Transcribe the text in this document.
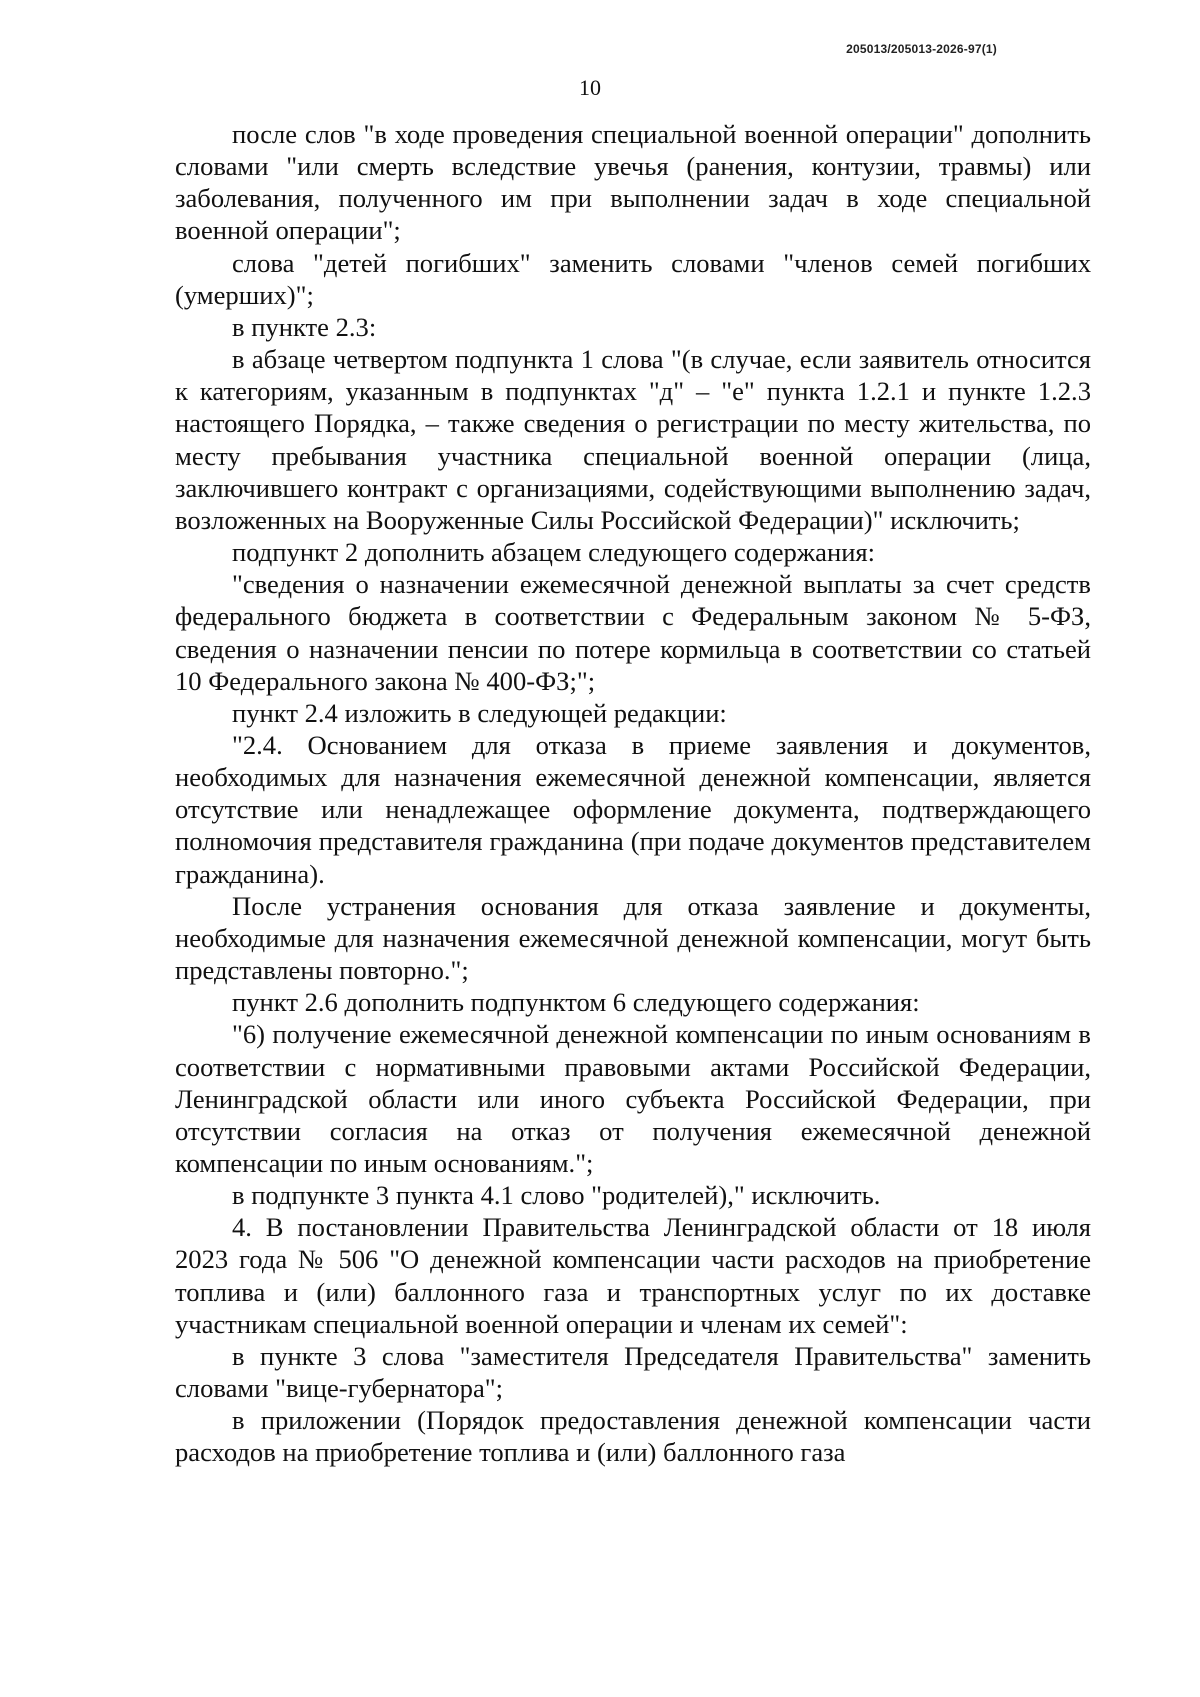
205013/205013-2026-97(1)
10

после слов "в ходе проведения специальной военной операции" дополнить словами "или смерть вследствие увечья (ранения, контузии, травмы) или заболевания, полученного им при выполнении задач в ходе специальной военной операции";

слова "детей погибших" заменить словами "членов семей погибших (умерших)";

в пункте 2.3:

в абзаце четвертом подпункта 1 слова "(в случае, если заявитель относится к категориям, указанным в подпунктах "д" – "е" пункта 1.2.1 и пункте 1.2.3 настоящего Порядка, – также сведения о регистрации по месту жительства, по месту пребывания участника специальной военной операции (лица, заключившего контракт с организациями, содействующими выполнению задач, возложенных на Вооруженные Силы Российской Федерации)" исключить;

подпункт 2 дополнить абзацем следующего содержания:

"сведения о назначении ежемесячной денежной выплаты за счет средств федерального бюджета в соответствии с Федеральным законом № 5-ФЗ, сведения о назначении пенсии по потере кормильца в соответствии со статьей 10 Федерального закона № 400-ФЗ;";

пункт 2.4 изложить в следующей редакции:

"2.4. Основанием для отказа в приеме заявления и документов, необходимых для назначения ежемесячной денежной компенсации, является отсутствие или ненадлежащее оформление документа, подтверждающего полномочия представителя гражданина (при подаче документов представителем гражданина).

После устранения основания для отказа заявление и документы, необходимые для назначения ежемесячной денежной компенсации, могут быть представлены повторно.";

пункт 2.6 дополнить подпунктом 6 следующего содержания:

"6) получение ежемесячной денежной компенсации по иным основаниям в соответствии с нормативными правовыми актами Российской Федерации, Ленинградской области или иного субъекта Российской Федерации, при отсутствии согласия на отказ от получения ежемесячной денежной компенсации по иным основаниям.";

в подпункте 3 пункта 4.1 слово "родителей)," исключить.

4. В постановлении Правительства Ленинградской области от 18 июля 2023 года № 506 "О денежной компенсации части расходов на приобретение топлива и (или) баллонного газа и транспортных услуг по их доставке участникам специальной военной операции и членам их семей":

в пункте 3 слова "заместителя Председателя Правительства" заменить словами "вице-губернатора";

в приложении (Порядок предоставления денежной компенсации части расходов на приобретение топлива и (или) баллонного газа
